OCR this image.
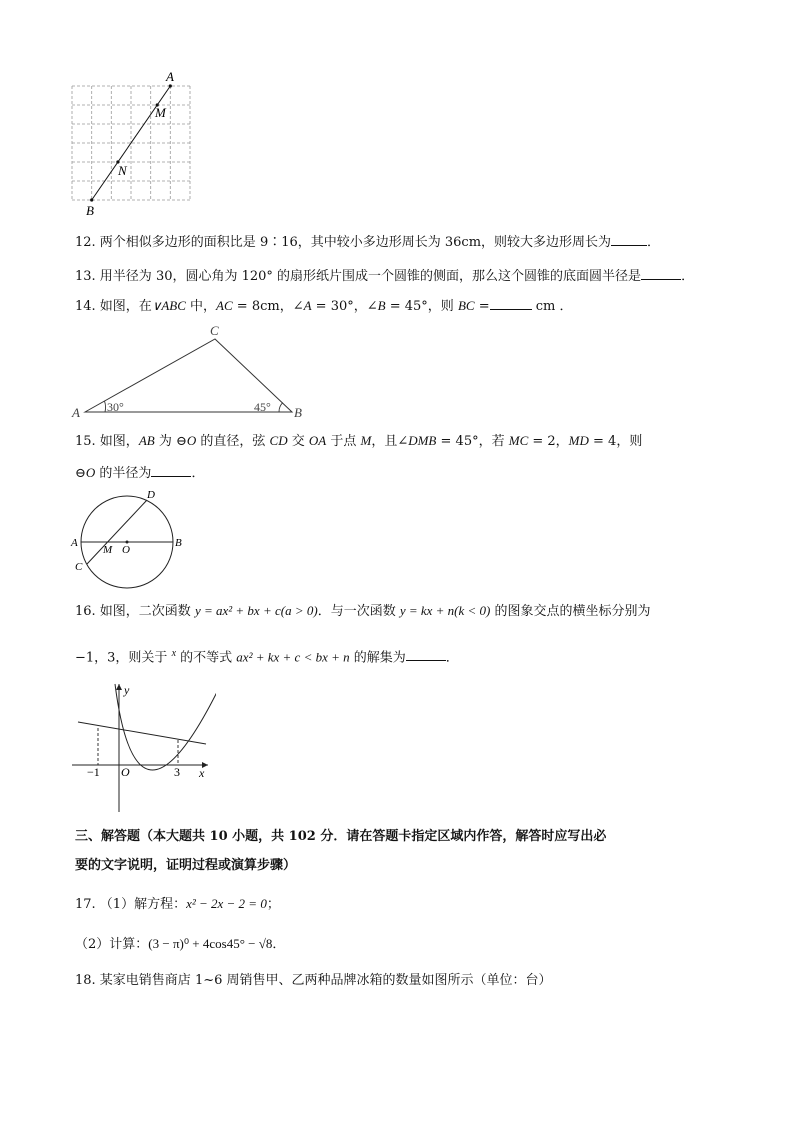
A
M
N
B
12. 两个相似多边形的面积比是 9∶16，其中较小多边形周长为 36cm，则较大多边形周长为	．
13. 用半径为 30，圆心角为 120° 的扇形纸片围成一个圆锥的侧面，那么这个圆锥的底面圆半径是	．
14. 如图，在∨ABC 中，AC = 8cm，∠A = 30°，∠B = 45°，则 BC =	cm ．
A	B
C
30°	45°
15. 如图，AB 为 ⊖O 的直径，弦 CD 交 OA 于点 M，且∠DMB = 45°，若 MC = 2，MD = 4，则
⊖O 的半径为	．
A	B
C
D
M O
16. 如图，二次函数 y = ax² + bx + c(a > 0)．与一次函数 y = kx + n(k < 0) 的图象交点的横坐标分别为
−1，3，则关于 $^x$ 的不等式 ax² + kx + c < bx + n 的解集为	．
y
x
O
−1	3
三、解答题（本大题共 10 小题，共 102 分．请在答题卡指定区域内作答，解答时应写出必
要的文字说明，证明过程或演算步骤）
17. （1）解方程：x² − 2x − 2 = 0；
（2）计算：(3 − π)⁰ + 4cos45° − √8．
18. 某家电销售商店 1~6 周销售甲、乙两种品牌冰箱的数量如图所示（单位：台）
